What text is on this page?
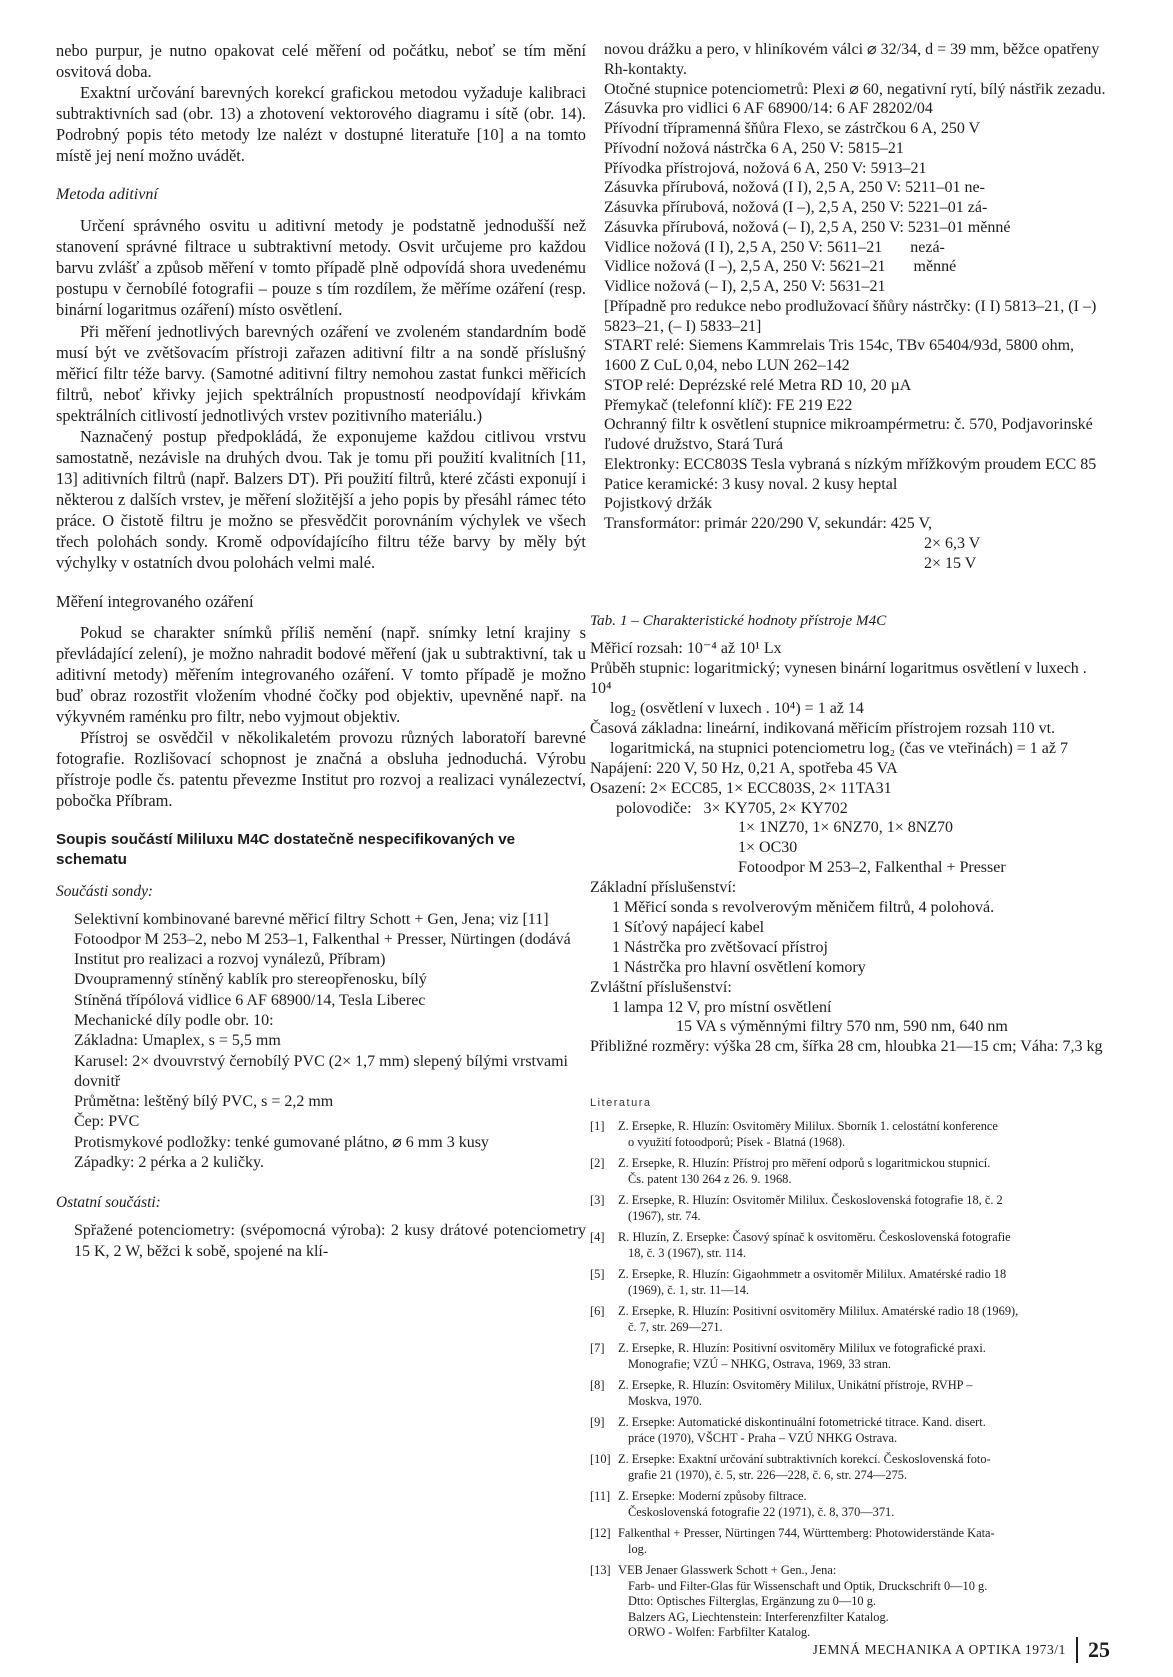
nebo purpur, je nutno opakovat celé měření od počátku, neboť se tím mění osvitová doba.

Exaktní určování barevných korekcí grafickou metodou vyžaduje kalibraci subtraktivních sad (obr. 13) a zhotovení vektorového diagramu i sítě (obr. 14). Podrobný popis této metody lze nalézt v dostupné literatuře [10] a na tomto místě jej není možno uvádět.

Metoda aditivní

Určení správného osvitu u aditivní metody je podstatně jednodušší než stanovení správné filtrace u subtraktivní metody. Osvit určujeme pro každou barvu zvlášť a způsob měření v tomto případě plně odpovídá shora uvedenému postupu v černobílé fotografii – pouze s tím rozdílem, že měříme ozáření (resp. binární logaritmus ozáření) místo osvětlení.

Při měření jednotlivých barevných ozáření ve zvoleném standardním bodě musí být ve zvětšovacím přístroji zařazen aditivní filtr a na sondě příslušný měřicí filtr téže barvy. (Samotné aditivní filtry nemohou zastat funkci měřicích filtrů, neboť křivky jejich spektrálních propustností neodpovídají křivkám spektrálních citlivostí jednotlivých vrstev pozitivního materiálu.)

Naznačený postup předpokládá, že exponujeme každou citlivou vrstvu samostatně, nezávisle na druhých dvou. Tak je tomu při použití kvalitních [11, 13] aditivních filtrů (např. Balzers DT). Při použití filtrů, které zčásti exponují i některou z dalších vrstev, je měření složitější a jeho popis by přesáhl rámec této práce. O čistotě filtru je možno se přesvědčit porovnáním výchylek ve všech třech polohách sondy. Kromě odpovídajícího filtru téže barvy by měly být výchylky v ostatních dvou polohách velmi malé.

Měření integrovaného ozáření

Pokud se charakter snímků příliš nemění (např. snímky letní krajiny s převládající zelení), je možno nahradit bodové měření (jak u subtraktivní, tak u aditivní metody) měřením integrovaného ozáření. V tomto případě je možno buď obraz rozostřit vložením vhodné čočky pod objektiv, upevněné např. na výkyvném raménku pro filtr, nebo vyjmout objektiv.

Přístroj se osvědčil v několikaletém provozu různých laboratoří barevné fotografie. Rozlišovací schopnost je značná a obsluha jednoduchá. Výrobu přístroje podle čs. patentu převezme Institut pro rozvoj a realizaci vynálezectví, pobočka Příbram.

Soupis součástí Mililuxu M4C dostatečně nespecifikovaných ve schematu
Součásti sondy:
Selektivní kombinované barevné měřicí filtry Schott + Gen, Jena; viz [11]
Fotoodpor M 253–2, nebo M 253–1, Falkenthal + Presser, Nürtingen (dodává Institut pro realizaci a rozvoj vynálezů, Příbram)
Dvoupramenný stíněný kablík pro stereopřenosku, bílý
Stíněná třípólová vidlice 6 AF 68900/14, Tesla Liberec
Mechanické díly podle obr. 10:
Základna: Umaplex, s = 5,5 mm
Karusel: 2× dvouvrstvý černobílý PVC (2× 1,7 mm) slepený bílými vrstvami dovnitř
Průmětna: leštěný bílý PVC, s = 2,2 mm
Čep: PVC
Protismykové podložky: tenké gumované plátno, ⌀ 6 mm 3 kusy
Západky: 2 pérka a 2 kuličky.
Ostatní součásti:
Spřažené potenciometry: (svépomocná výroba): 2 kusy drátové potenciometry 15 K, 2 W, běžci k sobě, spojené na klí-
novou drážku a pero, v hliníkovém válci ⌀ 32/34, d = 39 mm, běžce opatřeny Rh-kontakty.
Otočné stupnice potenciometrů: Plexi ⌀ 60, negativní rytí, bílý nástřik zezadu.
Zásuvka pro vidlici 6 AF 68900/14: 6 AF 28202/04
Přívodní třípramenná šňůra Flexo, se zástrčkou 6 A, 250 V
Přívodní nožová nástrčka 6 A, 250 V: 5815–21
Přívodka přístrojová, nožová 6 A, 250 V: 5913–21
Zásuvka přírubová, nožová (I I), 2,5 A, 250 V: 5211–01 ne-
Zásuvka přírubová, nožová (I –), 2,5 A, 250 V: 5221–01 zá-
Zásuvka přírubová, nožová (– I), 2,5 A, 250 V: 5231–01 měnné
Vidlice nožová (I I), 2,5 A, 250 V: 5611–21       nezá-
Vidlice nožová (I –), 2,5 A, 250 V: 5621–21       měnné
Vidlice nožová (– I), 2,5 A, 250 V: 5631–21
[Případně pro redukce nebo prodlužovací šňůry nástrčky: (I I) 5813–21, (I –) 5823–21, (– I) 5833–21]
START relé: Siemens Kammrelais Tris 154c, TBv 65404/93d, 5800 ohm, 1600 Z CuL 0,04, nebo LUN 262–142
STOP relé: Deprézské relé Metra RD 10, 20 µA
Přemykač (telefonní klíč): FE 219 E22
Ochranný filtr k osvětlení stupnice mikroampérmetru: č. 570, Podjavorinské ľudové družstvo, Stará Turá
Elektronky: ECC803S Tesla vybraná s nízkým mřížkovým proudem ECC 85
Patice keramické: 3 kusy noval. 2 kusy heptal
Pojistkový držák
Transformátor: primár 220/290 V, sekundár: 425 V,
2× 6,3 V
2× 15 V
Tab. 1 – Charakteristické hodnoty přístroje M4C
Měřicí rozsah: 10⁻⁴ až 10¹ Lx
Průběh stupnic: logaritmický; vynesen binární logaritmus osvětlení v luxech . 10⁴
log₂ (osvětlení v luxech . 10⁴) = 1 až 14
Časová základna: lineární, indikovaná měřicím přístrojem rozsah 110 vt.
logaritmická, na stupnici potenciometru log₂ (čas ve vteřinách) = 1 až 7
Napájení: 220 V, 50 Hz, 0,21 A, spotřeba 45 VA
Osazení: 2× ECC85, 1× ECC803S, 2× 11TA31
polovodiče:   3× KY705, 2× KY702
1× 1NZ70, 1× 6NZ70, 1× 8NZ70
1× OC30
Fotoodpor M 253–2, Falkenthal + Presser
Základní příslušenství:
1 Měřicí sonda s revolverovým měničem filtrů, 4 polohová.
1 Síťový napájecí kabel
1 Nástrčka pro zvětšovací přístroj
1 Nástrčka pro hlavní osvětlení komory
Zvláštní příslušenství:
1 lampa 12 V, pro místní osvětlení
15 VA s výměnnými filtry 570 nm, 590 nm, 640 nm
Přibližné rozměry: výška 28 cm, šířka 28 cm, hloubka 21—15 cm; Váha: 7,3 kg
Literatura
[1]	Z. Ersepke, R. Hluzín: Osvitoměry Mililux. Sborník 1. celostátní konference
o využití fotoodporů; Písek - Blatná (1968).
[2]	Z. Ersepke, R. Hluzín: Přístroj pro měření odporů s logaritmickou stupnicí.
Čs. patent 130 264 z 26. 9. 1968.
[3]	Z. Ersepke, R. Hluzín: Osvitoměr Mililux. Československá fotografie 18, č. 2
(1967), str. 74.
[4]	R. Hluzín, Z. Ersepke: Časový spínač k osvitoměru. Československá fotografie
18, č. 3 (1967), str. 114.
[5]	Z. Ersepke, R. Hluzín: Gigaohmmetr a osvitoměr Mililux. Amatérské radio 18
(1969), č. 1, str. 11—14.
[6]	Z. Ersepke, R. Hluzín: Positivní osvitoměry Mililux. Amatérské radio 18 (1969),
č. 7, str. 269—271.
[7]	Z. Ersepke, R. Hluzín: Positivní osvitoměry Mililux ve fotografické praxi.
Monografie; VZÚ – NHKG, Ostrava, 1969, 33 stran.
[8]	Z. Ersepke, R. Hluzín: Osvitoměry Mililux, Unikátní přístroje, RVHP –
Moskva, 1970.
[9]	Z. Ersepke: Automatické diskontinuální fotometrické titrace. Kand. disert.
práce (1970), VŠCHT - Praha – VZÚ NHKG Ostrava.
[10] Z. Ersepke: Exaktní určování subtraktivních korekcí. Československá foto-
grafie 21 (1970), č. 5, str. 226—228, č. 6, str. 274—275.
[11] Z. Ersepke: Moderní způsoby filtrace.
Československá fotografie 22 (1971), č. 8, 370—371.
[12] Falkenthal + Presser, Nürtingen 744, Württemberg: Photowiderstände Kata-
log.
[13] VEB Jenaer Glasswerk Schott + Gen., Jena:
Farb- und Filter-Glas für Wissenschaft und Optik, Druckschrift 0—10 g.
Dtto: Optisches Filterglas, Ergänzung zu 0—10 g.
Balzers AG, Liechtenstein: Interferenzfilter Katalog.
ORWO - Wolfen: Farbfilter Katalog.
JEMNÁ MECHANIKA A OPTIKA 1973/1 25
